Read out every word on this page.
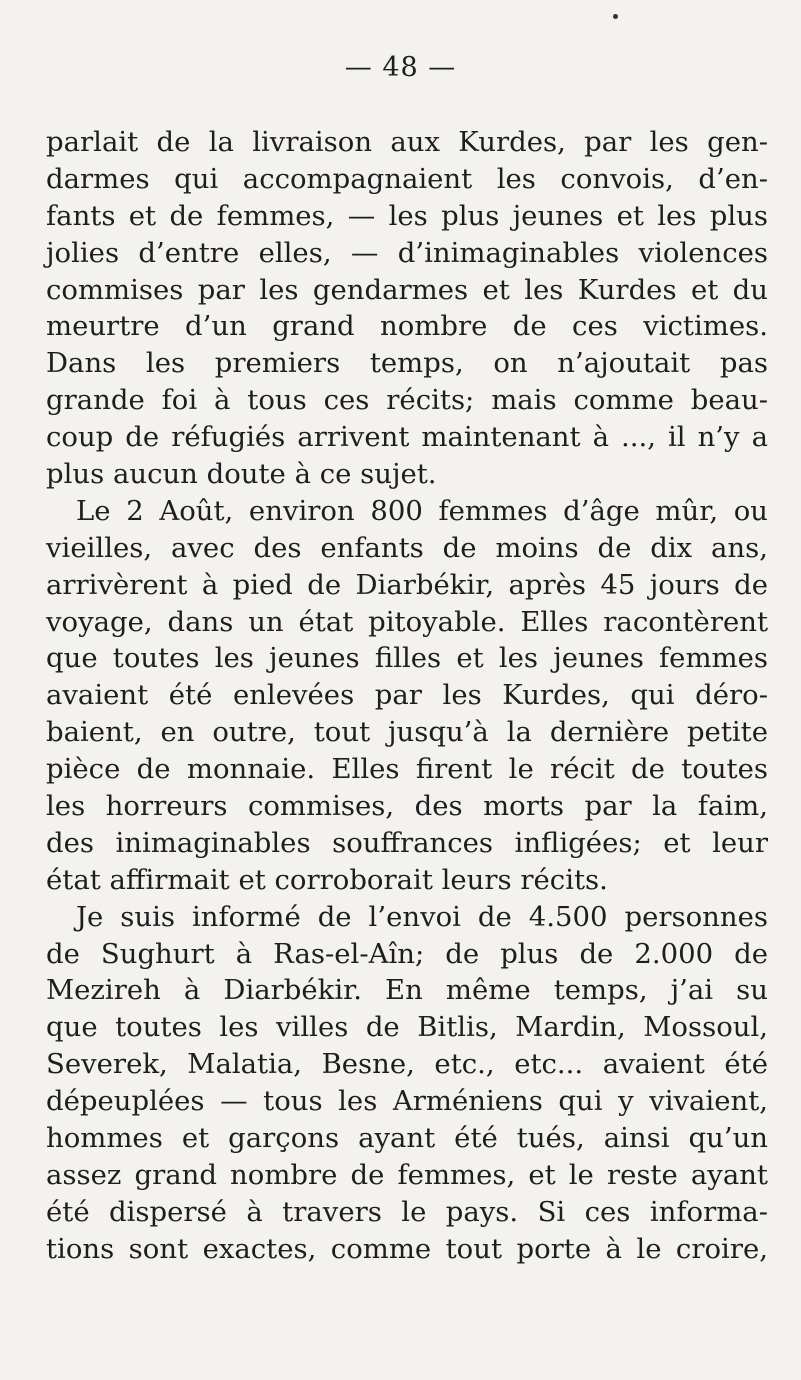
— 48 —
parlait de la livraison aux Kurdes, par les gen-
darmes qui accompagnaient les convois, d’en-
fants et de femmes, — les plus jeunes et les plus
jolies d’entre elles, — d’inimaginables violences
commises par les gendarmes et les Kurdes et du
meurtre d’un grand nombre de ces victimes.
Dans les premiers temps, on n’ajoutait pas
grande foi à tous ces récits; mais comme beau-
coup de réfugiés arrivent maintenant à ..., il n’y a
plus aucun doute à ce sujet.
Le 2 Août, environ 800 femmes d’âge mûr, ou
vieilles, avec des enfants de moins de dix ans,
arrivèrent à pied de Diarbékir, après 45 jours de
voyage, dans un état pitoyable. Elles racontèrent
que toutes les jeunes filles et les jeunes femmes
avaient été enlevées par les Kurdes, qui déro-
baient, en outre, tout jusqu’à la dernière petite
pièce de monnaie. Elles firent le récit de toutes
les horreurs commises, des morts par la faim,
des inimaginables souffrances infligées; et leur
état affirmait et corroborait leurs récits.
Je suis informé de l’envoi de 4.500 personnes
de Sughurt à Ras-el-Aîn; de plus de 2.000 de
Mezireh à Diarbékir. En même temps, j’ai su
que toutes les villes de Bitlis, Mardin, Mossoul,
Severek, Malatia, Besne, etc., etc... avaient été
dépeuplées — tous les Arméniens qui y vivaient,
hommes et garçons ayant été tués, ainsi qu’un
assez grand nombre de femmes, et le reste ayant
été dispersé à travers le pays. Si ces informa-
tions sont exactes, comme tout porte à le croire,
